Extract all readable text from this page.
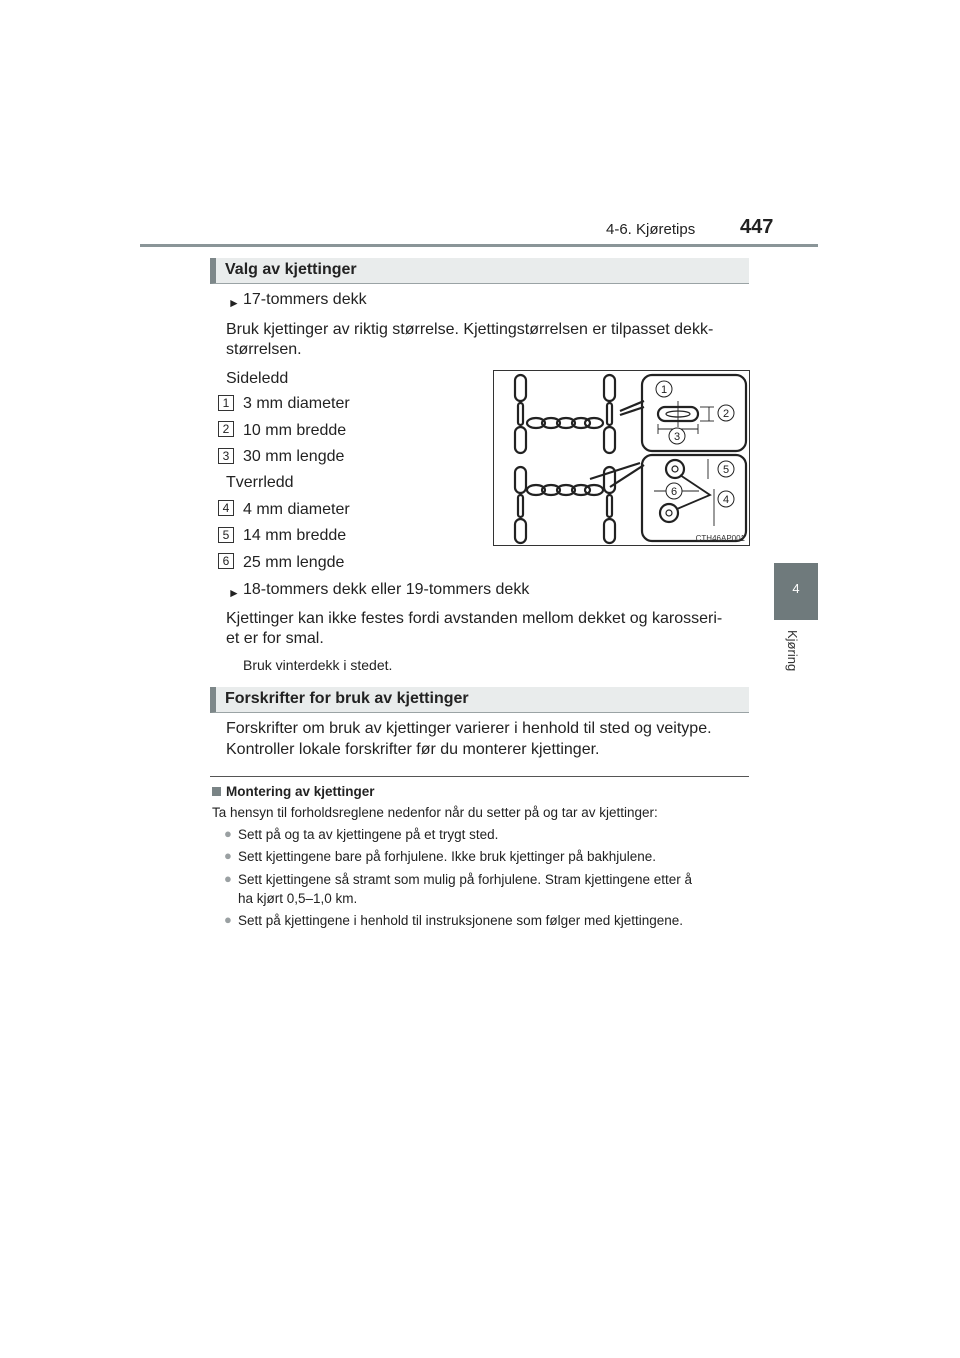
4-6. Kjøretips 447
4
Kjøring
Valg av kjettinger
► 17-tommers dekk
Bruk kjettinger av riktig størrelse. Kjettingstørrelsen er tilpasset dekk-
størrelsen.
Sideledd
1 3 mm diameter
2 10 mm bredde
3 30 mm lengde
Tverrledd
4 4 mm diameter
5 14 mm bredde
6 25 mm lengde
1
2
3
5
6
4
CTH46AP001
► 18-tommers dekk eller 19-tommers dekk
Kjettinger kan ikke festes fordi avstanden mellom dekket og karosseri-
et er for smal.
Bruk vinterdekk i stedet.
Forskrifter for bruk av kjettinger
Forskrifter om bruk av kjettinger varierer i henhold til sted og veitype.
Kontroller lokale forskrifter før du monterer kjettinger.
Montering av kjettinger
Ta hensyn til forholdsreglene nedenfor når du setter på og tar av kjettinger:
● Sett på og ta av kjettingene på et trygt sted.
● Sett kjettingene bare på forhjulene. Ikke bruk kjettinger på bakhjulene.
● Sett kjettingene så stramt som mulig på forhjulene. Stram kjettingene etter å
ha kjørt 0,5–1,0 km.
● Sett på kjettingene i henhold til instruksjonene som følger med kjettingene.
